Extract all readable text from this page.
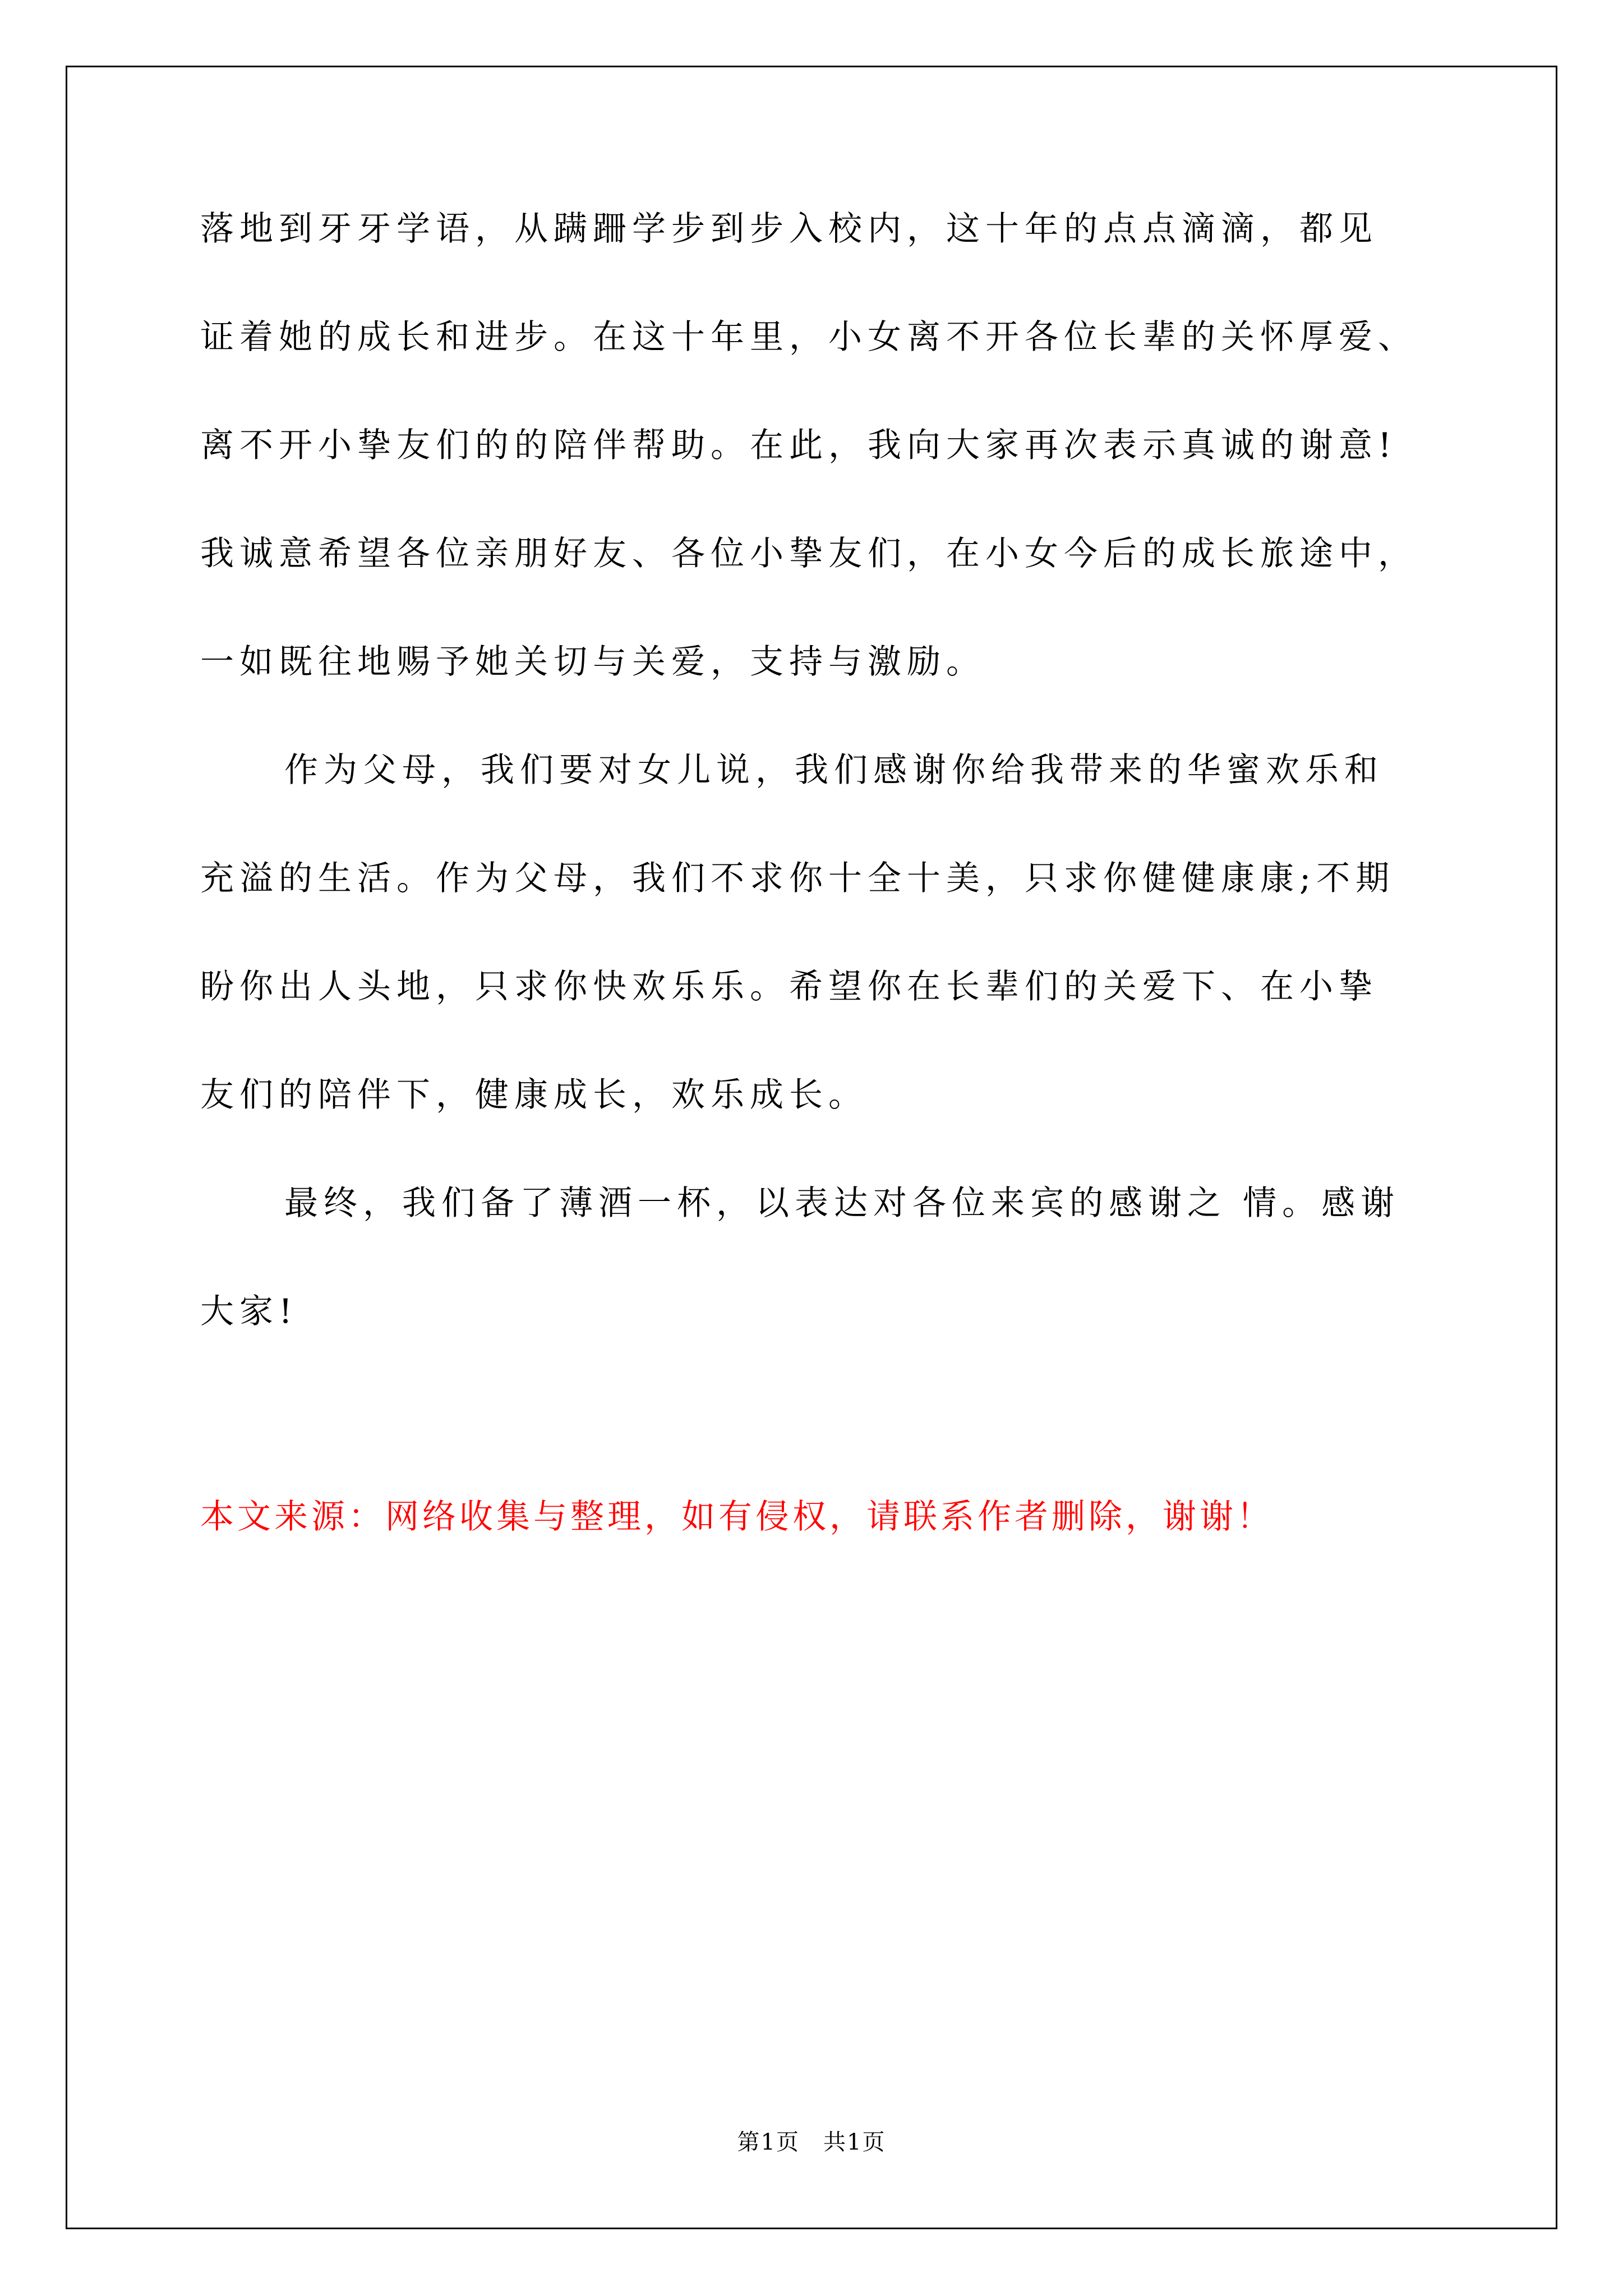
落地到牙牙学语，从蹒跚学步到步入校内，这十年的点点滴滴，都见
证着她的成长和进步。在这十年里，小女离不开各位长辈的关怀厚爱、
离不开小挚友们的的陪伴帮助。在此，我向大家再次表示真诚的谢意!
我诚意希望各位亲朋好友、各位小挚友们，在小女今后的成长旅途中，
一如既往地赐予她关切与关爱，支持与激励。
作为父母，我们要对女儿说，我们感谢你给我带来的华蜜欢乐和
充溢的生活。作为父母，我们不求你十全十美，只求你健健康康;不期
盼你出人头地，只求你快欢乐乐。希望你在长辈们的关爱下、在小挚
友们的陪伴下，健康成长，欢乐成长。
最终，我们备了薄酒一杯，以表达对各位来宾的感谢之 情。感谢
大家!
本文来源：网络收集与整理，如有侵权，请联系作者删除，谢谢！
第1页　共1页
